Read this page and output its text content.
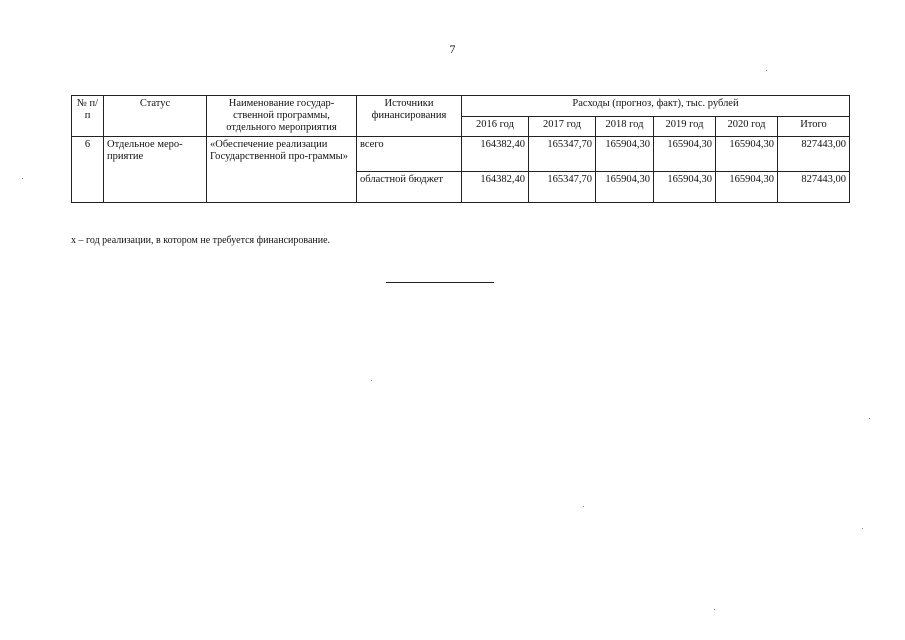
7
№ п/п	Статус	Наименование государ-ственной программы, отдельного мероприятия	Источники финансирования	Расходы (прогноз, факт), тыс. рублей					
				2016 год	2017 год	2018 год	2019 год	2020 год	Итого
6	Отдельное меро-приятие	«Обеспечение реализации Государственной про-граммы»	всего	164382,40	165347,70	165904,30	165904,30	165904,30	827443,00
			областной бюджет	164382,40	165347,70	165904,30	165904,30	165904,30	827443,00
х – год реализации, в котором не требуется финансирование.
